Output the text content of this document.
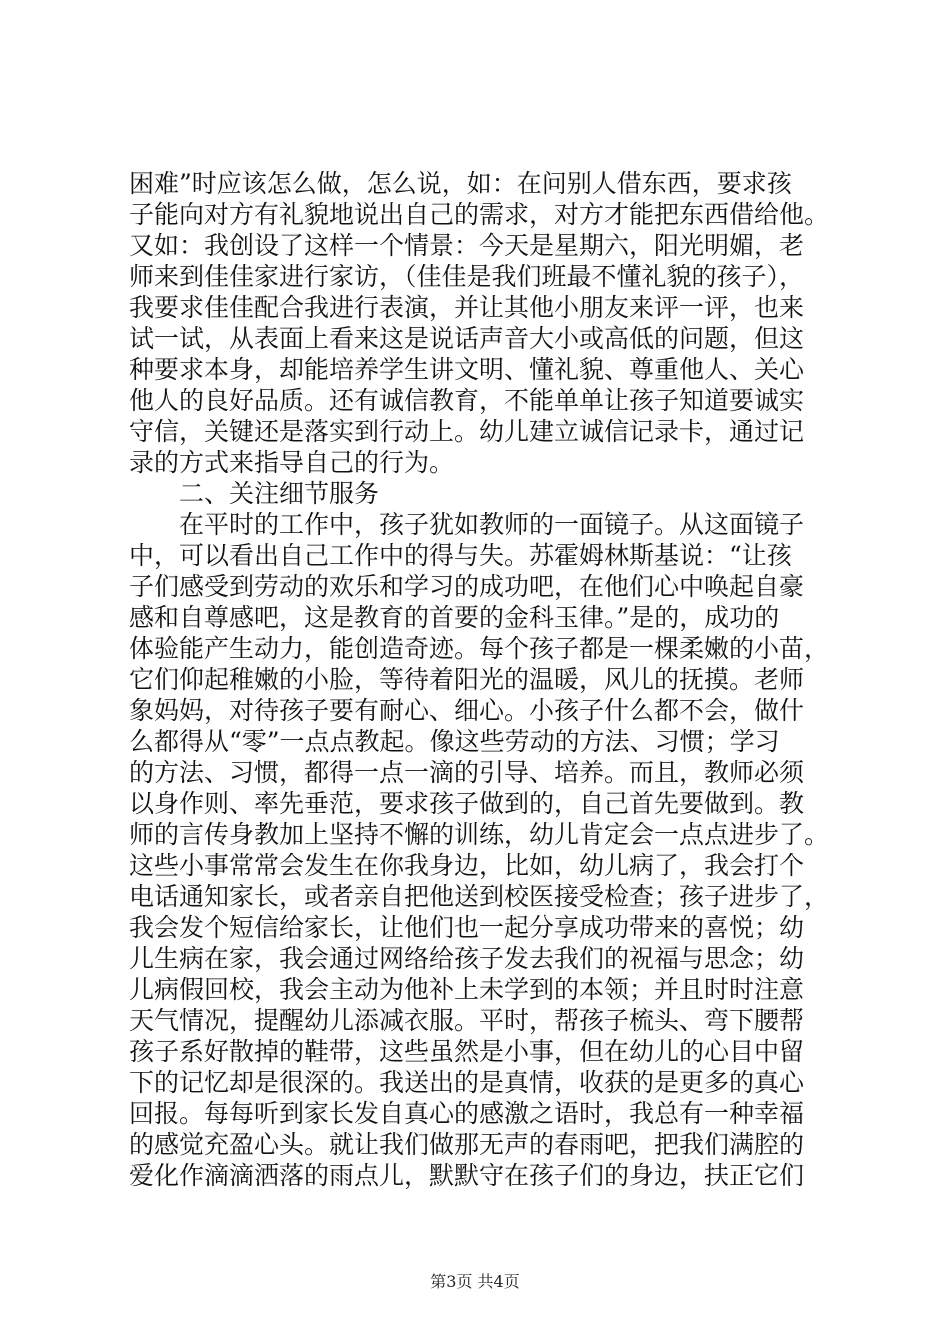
困难”时应该怎么做，怎么说，如：在问别人借东西，要求孩
子能向对方有礼貌地说出自己的需求，对方才能把东西借给他。
又如：我创设了这样一个情景：今天是星期六，阳光明媚，老
师来到佳佳家进行家访，（佳佳是我们班最不懂礼貌的孩子），
我要求佳佳配合我进行表演，并让其他小朋友来评一评，也来
试一试，从表面上看来这是说话声音大小或高低的问题，但这
种要求本身，却能培养学生讲文明、懂礼貌、尊重他人、关心
他人的良好品质。还有诚信教育，不能单单让孩子知道要诚实
守信，关键还是落实到行动上。幼儿建立诚信记录卡，通过记
录的方式来指导自己的行为。
二、关注细节服务
在平时的工作中，孩子犹如教师的一面镜子。从这面镜子
中，可以看出自己工作中的得与失。苏霍姆林斯基说：“让孩
子们感受到劳动的欢乐和学习的成功吧，在他们心中唤起自豪
感和自尊感吧，这是教育的首要的金科玉律。”是的，成功的
体验能产生动力，能创造奇迹。每个孩子都是一棵柔嫩的小苗，
它们仰起稚嫩的小脸，等待着阳光的温暖，风儿的抚摸。老师
象妈妈，对待孩子要有耐心、细心。小孩子什么都不会，做什
么都得从“零”一点点教起。像这些劳动的方法、习惯；学习
的方法、习惯，都得一点一滴的引导、培养。而且，教师必须
以身作则、率先垂范，要求孩子做到的，自己首先要做到。教
师的言传身教加上坚持不懈的训练，幼儿肯定会一点点进步了。
这些小事常常会发生在你我身边，比如，幼儿病了，我会打个
电话通知家长，或者亲自把他送到校医接受检查；孩子进步了，
我会发个短信给家长，让他们也一起分享成功带来的喜悦；幼
儿生病在家，我会通过网络给孩子发去我们的祝福与思念；幼
儿病假回校，我会主动为他补上未学到的本领；并且时时注意
天气情况，提醒幼儿添减衣服。平时，帮孩子梳头、弯下腰帮
孩子系好散掉的鞋带，这些虽然是小事，但在幼儿的心目中留
下的记忆却是很深的。我送出的是真情，收获的是更多的真心
回报。每每听到家长发自真心的感激之语时，我总有一种幸福
的感觉充盈心头。就让我们做那无声的春雨吧，把我们满腔的
爱化作滴滴洒落的雨点儿，默默守在孩子们的身边，扶正它们
第3页 共4页
